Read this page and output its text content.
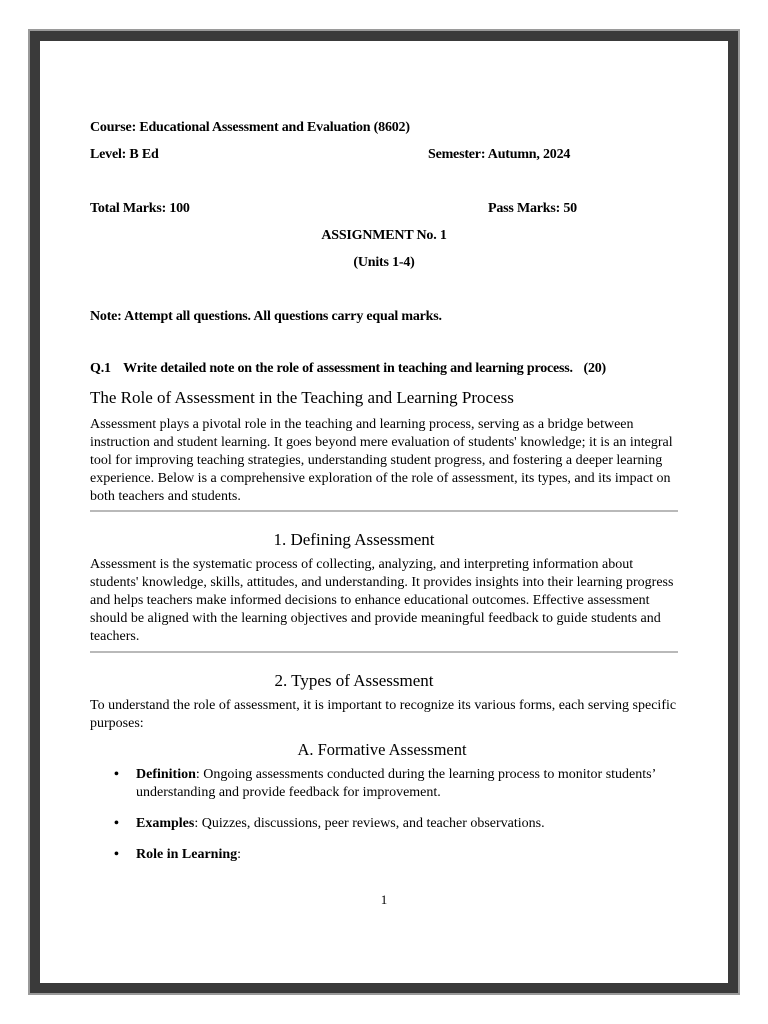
Course: Educational Assessment and Evaluation (8602)
Level: B Ed	Semester: Autumn, 2024
Total Marks: 100	Pass Marks: 50
ASSIGNMENT No. 1
(Units 1-4)
Note: Attempt all questions. All questions carry equal marks.
Q.1 Write detailed note on the role of assessment in teaching and learning process. (20)
The Role of Assessment in the Teaching and Learning Process
Assessment plays a pivotal role in the teaching and learning process, serving as a bridge between instruction and student learning. It goes beyond mere evaluation of students' knowledge; it is an integral tool for improving teaching strategies, understanding student progress, and fostering a deeper learning experience. Below is a comprehensive exploration of the role of assessment, its types, and its impact on both teachers and students.
1. Defining Assessment
Assessment is the systematic process of collecting, analyzing, and interpreting information about students' knowledge, skills, attitudes, and understanding. It provides insights into their learning progress and helps teachers make informed decisions to enhance educational outcomes. Effective assessment should be aligned with the learning objectives and provide meaningful feedback to guide students and teachers.
2. Types of Assessment
To understand the role of assessment, it is important to recognize its various forms, each serving specific purposes:
A. Formative Assessment
• Definition: Ongoing assessments conducted during the learning process to monitor students’ understanding and provide feedback for improvement.
• Examples: Quizzes, discussions, peer reviews, and teacher observations.
• Role in Learning:
1
